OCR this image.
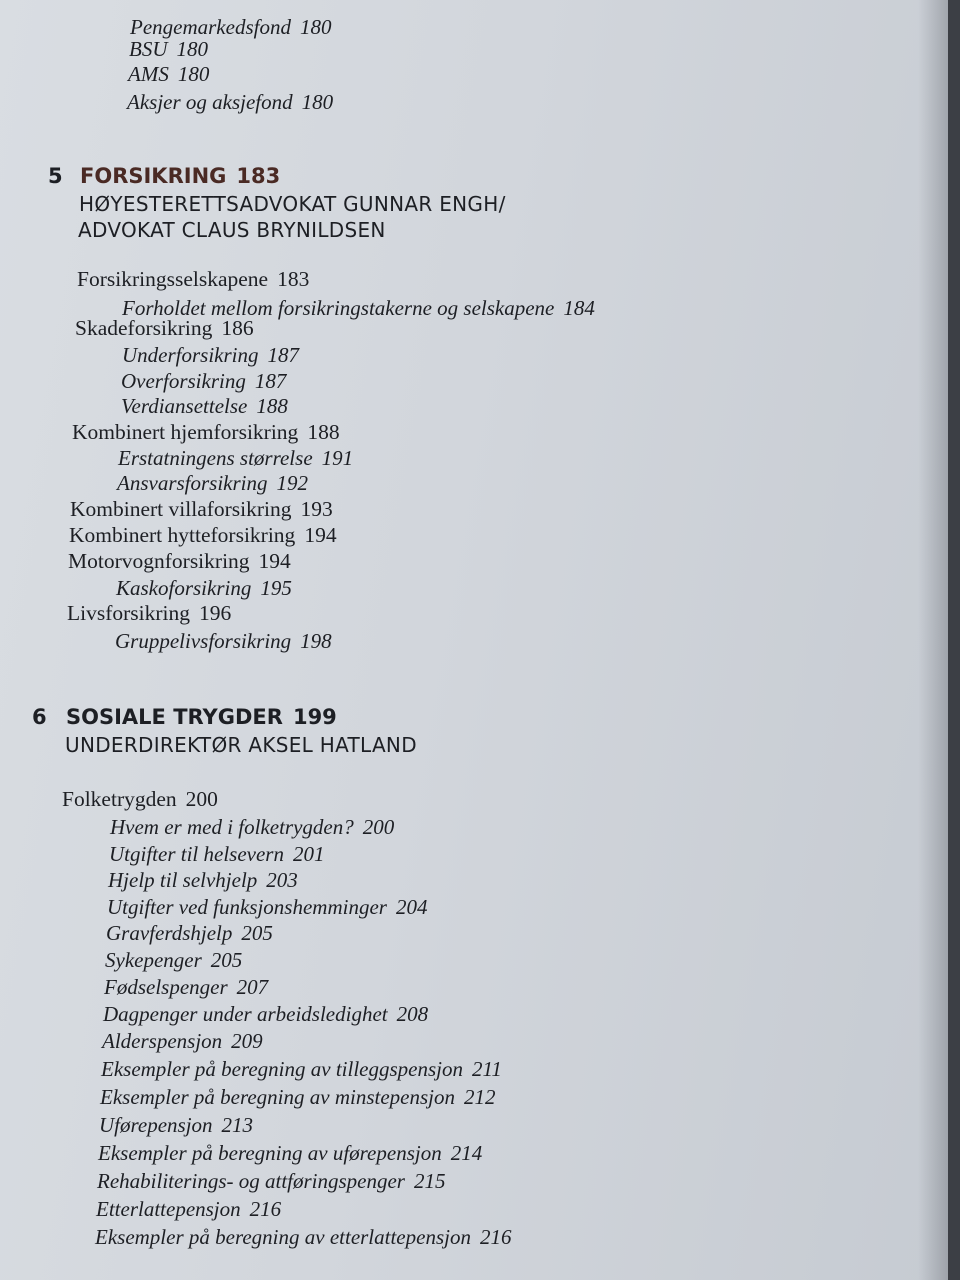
Pengemarkedsfond 180
BSU 180
AMS 180
Aksjer og aksjefond 180
5 FORSIKRING 183
HØYESTERETTSADVOKAT GUNNAR ENGH/
ADVOKAT CLAUS BRYNILDSEN
Forsikringsselskapene 183
Forholdet mellom forsikringstakerne og selskapene 184
Skadeforsikring 186
Underforsikring 187
Overforsikring 187
Verdiansettelse 188
Kombinert hjemforsikring 188
Erstatningens størrelse 191
Ansvarsforsikring 192
Kombinert villaforsikring 193
Kombinert hytteforsikring 194
Motorvognforsikring 194
Kaskoforsikring 195
Livsforsikring 196
Gruppelivsforsikring 198
6 SOSIALE TRYGDER 199
UNDERDIREKTØR AKSEL HATLAND
Folketrygden 200
Hvem er med i folketrygden? 200
Utgifter til helsevern 201
Hjelp til selvhjelp 203
Utgifter ved funksjonshemminger 204
Gravferdshjelp 205
Sykepenger 205
Fødselspenger 207
Dagpenger under arbeidsledighet 208
Alderspensjon 209
Eksempler på beregning av tilleggspensjon 211
Eksempler på beregning av minstepensjon 212
Uførepensjon 213
Eksempler på beregning av uførepensjon 214
Rehabiliterings- og attføringspenger 215
Etterlattepensjon 216
Eksempler på beregning av etterlattepensjon 216
